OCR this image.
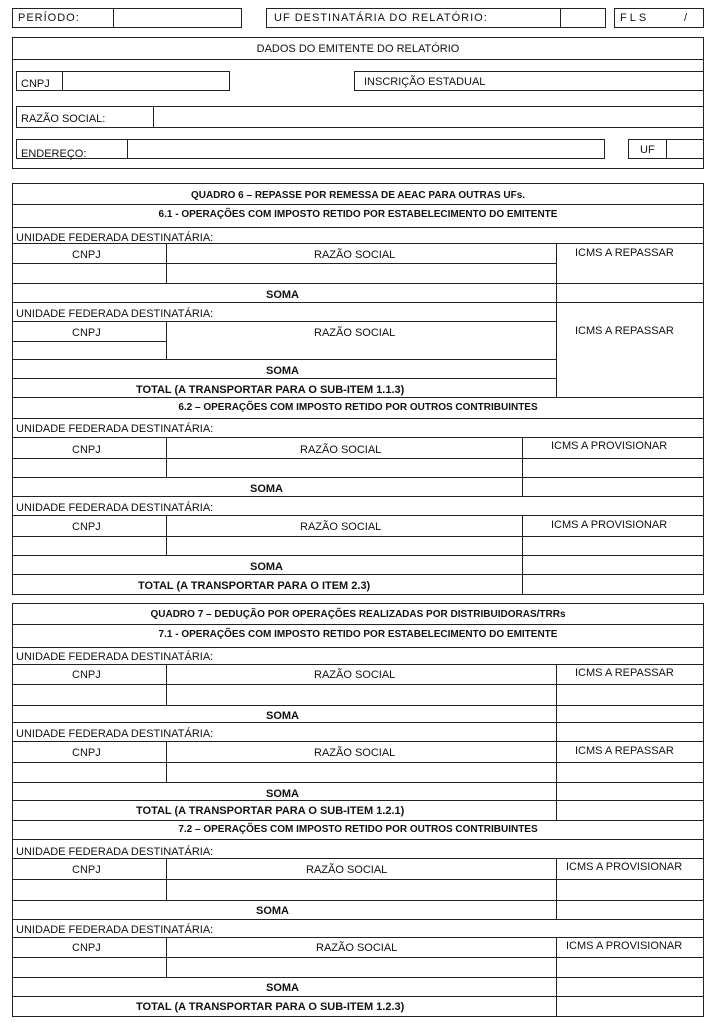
PERÍODO:	UF DESTINATÁRIA DO RELATÓRIO:	FLS	/
DADOS DO EMITENTE DO RELATÓRIO
CNPJ	INSCRIÇÃO ESTADUAL
RAZÃO SOCIAL:
ENDEREÇO:	UF
QUADRO 6 – REPASSE POR REMESSA DE AEAC PARA OUTRAS UFs.
6.1 - OPERAÇÕES COM IMPOSTO RETIDO POR ESTABELECIMENTO DO EMITENTE
UNIDADE FEDERADA DESTINATÁRIA:
CNPJ	RAZÃO SOCIAL	ICMS A REPASSAR
SOMA
UNIDADE FEDERADA DESTINATÁRIA:
CNPJ	RAZÃO SOCIAL	ICMS A REPASSAR
SOMA
TOTAL (A TRANSPORTAR PARA O SUB-ITEM 1.1.3)
6.2 – OPERAÇÕES COM IMPOSTO RETIDO POR OUTROS CONTRIBUINTES
UNIDADE FEDERADA DESTINATÁRIA:
CNPJ	RAZÃO SOCIAL	ICMS A PROVISIONAR
SOMA
UNIDADE FEDERADA DESTINATÁRIA:
CNPJ	RAZÃO SOCIAL	ICMS A PROVISIONAR
SOMA
TOTAL (A TRANSPORTAR PARA O ITEM 2.3)
QUADRO 7 – DEDUÇÃO POR OPERAÇÕES REALIZADAS POR DISTRIBUIDORAS/TRRs
7.1 - OPERAÇÕES COM IMPOSTO RETIDO POR ESTABELECIMENTO DO EMITENTE
UNIDADE FEDERADA DESTINATÁRIA:
CNPJ	RAZÃO SOCIAL	ICMS A REPASSAR
SOMA
UNIDADE FEDERADA DESTINATÁRIA:
CNPJ	RAZÃO SOCIAL	ICMS A REPASSAR
SOMA
TOTAL (A TRANSPORTAR PARA O SUB-ITEM 1.2.1)
7.2 – OPERAÇÕES COM IMPOSTO RETIDO POR OUTROS CONTRIBUINTES
UNIDADE FEDERADA DESTINATÁRIA:
CNPJ	RAZÃO SOCIAL	ICMS A PROVISIONAR
SOMA
UNIDADE FEDERADA DESTINATÁRIA:
CNPJ	RAZÃO SOCIAL	ICMS A PROVISIONAR
SOMA
TOTAL (A TRANSPORTAR PARA O SUB-ITEM 1.2.3)
